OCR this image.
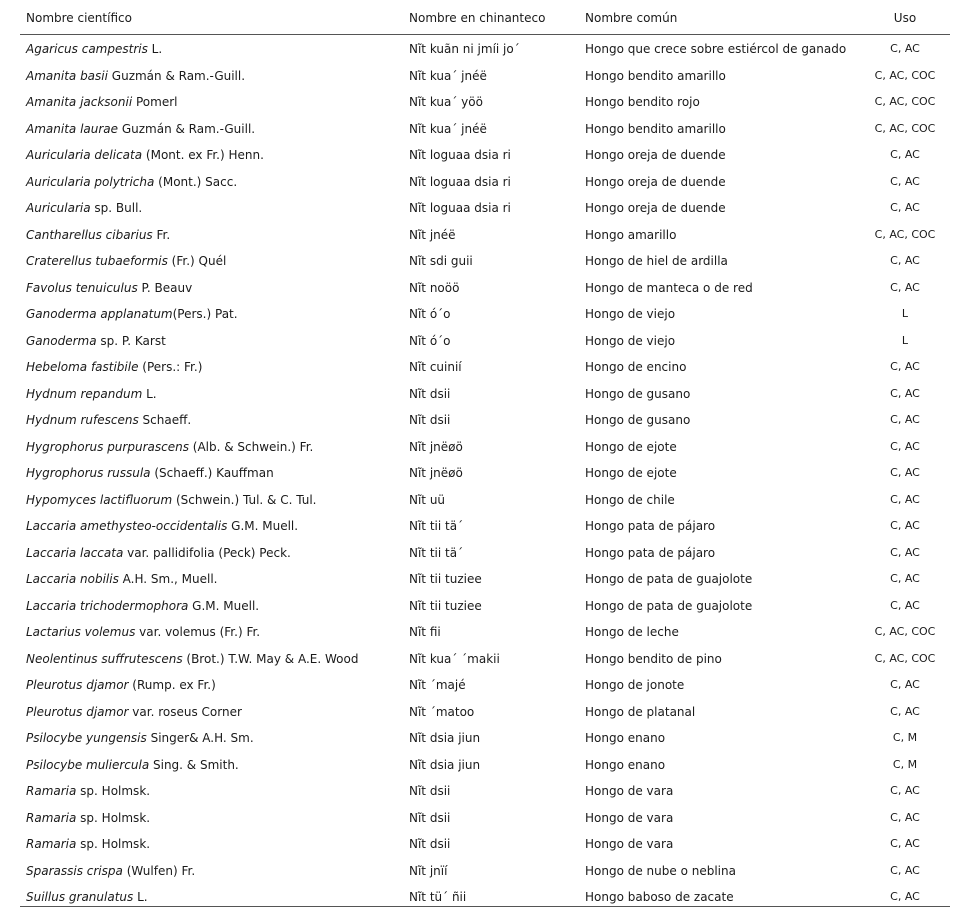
Nombre científico	Nombre en chinanteco	Nombre común	Uso
Agaricus campestris L.	Nı̃t kuãn ni jmíi jo´	Hongo que crece sobre estiércol de ganado	C, AC
Amanita basii Guzmán & Ram.-Guill.	Nı̃t kua´ jnéë	Hongo bendito amarillo	C, AC, COC
Amanita jacksonii Pomerl	Nı̃t kua´ yöö	Hongo bendito rojo	C, AC, COC
Amanita laurae Guzmán & Ram.-Guill.	Nı̃t kua´ jnéë	Hongo bendito amarillo	C, AC, COC
Auricularia delicata (Mont. ex Fr.) Henn.	Nı̃t loguaa dsia ri	Hongo oreja de duende	C, AC
Auricularia polytricha (Mont.) Sacc.	Nı̃t loguaa dsia ri	Hongo oreja de duende	C, AC
Auricularia sp. Bull.	Nı̃t loguaa dsia ri	Hongo oreja de duende	C, AC
Cantharellus cibarius Fr.	Nı̃t jnéë	Hongo amarillo	C, AC, COC
Craterellus tubaeformis (Fr.) Quél	Nı̃t sdi guii	Hongo de hiel de ardilla	C, AC
Favolus tenuiculus P. Beauv	Nı̃t noöö	Hongo de manteca o de red	C, AC
Ganoderma applanatum(Pers.) Pat.	Nı̃t ó´o	Hongo de viejo	L
Ganoderma sp. P. Karst	Nı̃t ó´o	Hongo de viejo	L
Hebeloma fastibile (Pers.: Fr.)	Nı̃t cuinií	Hongo de encino	C, AC
Hydnum repandum L.	Nı̃t dsii	Hongo de gusano	C, AC
Hydnum rufescens Schaeff.	Nı̃t dsii	Hongo de gusano	C, AC
Hygrophorus purpurascens (Alb. & Schwein.) Fr.	Nı̃t jnëøö	Hongo de ejote	C, AC
Hygrophorus russula (Schaeff.) Kauffman	Nı̃t jnëøö	Hongo de ejote	C, AC
Hypomyces lactifluorum (Schwein.) Tul. & C. Tul.	Nı̃t uü	Hongo de chile	C, AC
Laccaria amethysteo-occidentalis G.M. Muell.	Nı̃t tii tä´	Hongo pata de pájaro	C, AC
Laccaria laccata var. pallidifolia (Peck) Peck.	Nı̃t tii tä´	Hongo pata de pájaro	C, AC
Laccaria nobilis A.H. Sm., Muell.	Nı̃t tii tuziee	Hongo de pata de guajolote	C, AC
Laccaria trichodermophora G.M. Muell.	Nı̃t tii tuziee	Hongo de pata de guajolote	C, AC
Lactarius volemus var. volemus (Fr.) Fr.	Nı̃t fii	Hongo de leche	C, AC, COC
Neolentinus suffrutescens (Brot.) T.W. May & A.E. Wood	Nı̃t kua´ ´makii	Hongo bendito de pino	C, AC, COC
Pleurotus djamor (Rump. ex Fr.)	Nı̃t ´majé	Hongo de jonote	C, AC
Pleurotus djamor var. roseus Corner	Nı̃t ´matoo	Hongo de platanal	C, AC
Psilocybe yungensis Singer& A.H. Sm.	Nı̃t dsia jiun	Hongo enano	C, M
Psilocybe muliercula Sing. & Smith.	Nı̃t dsia jiun	Hongo enano	C, M
Ramaria sp. Holmsk.	Nı̃t dsii	Hongo de vara	C, AC
Ramaria sp. Holmsk.	Nı̃t dsii	Hongo de vara	C, AC
Ramaria sp. Holmsk.	Nı̃t dsii	Hongo de vara	C, AC
Sparassis crispa (Wulfen) Fr.	Nı̃t jnïí	Hongo de nube o neblina	C, AC
Suillus granulatus L.	Nı̃t tü´ ñii	Hongo baboso de zacate	C, AC
